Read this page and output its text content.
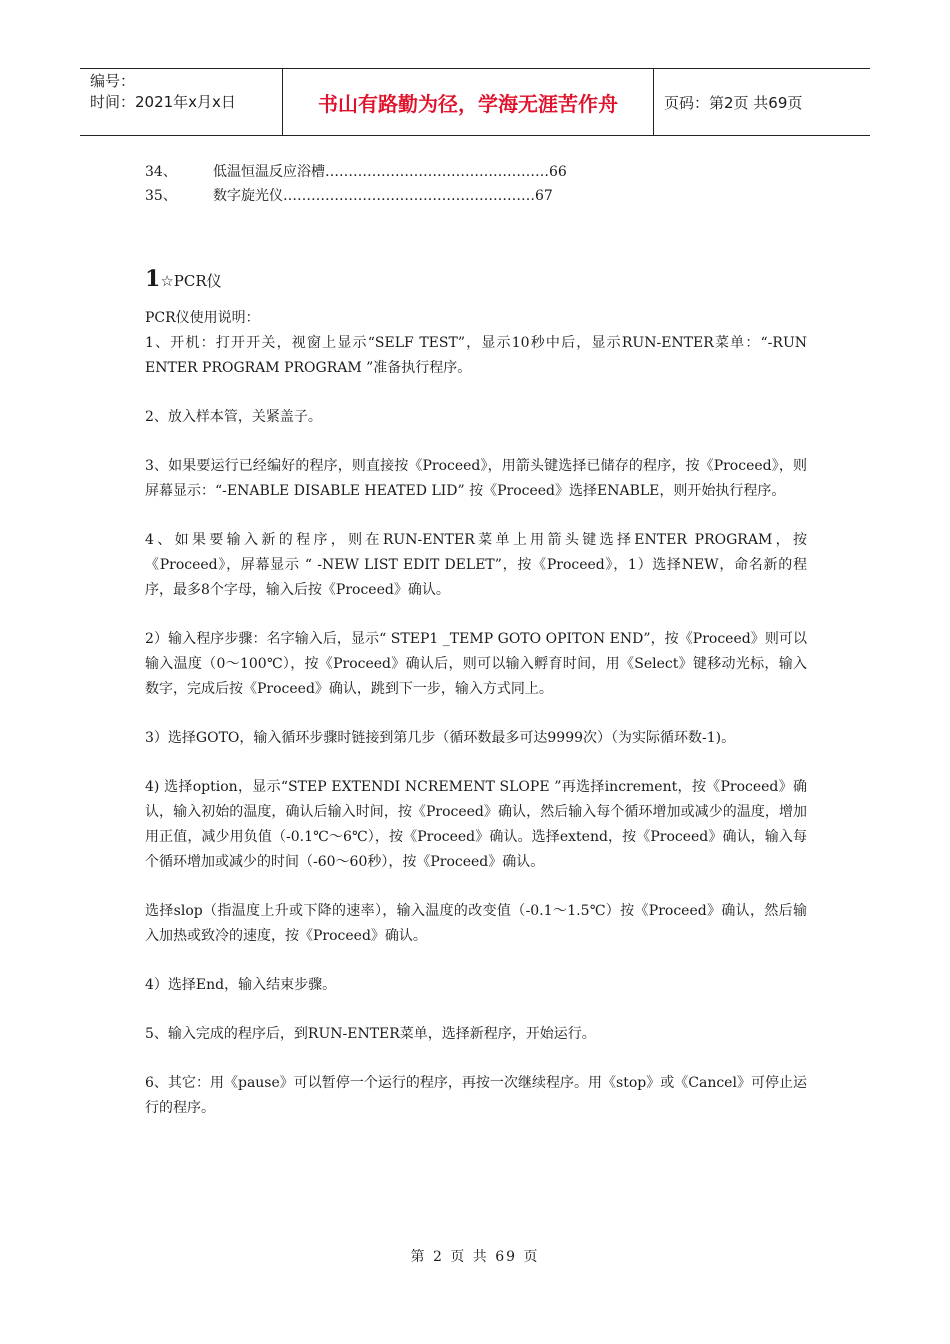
编号：
时间：2021年x月x日	书山有路勤为径，学海无涯苦作舟	页码：第2页 共69页
34、	低温恒温反应浴槽…………………………………………66
35、	数字旋光仪………………………………………………67
1☆PCR仪

PCR仪使用说明：

1、开机：打开开关，视窗上显示“SELF TEST”，显示10秒中后，显示RUN-ENTER菜单：“-RUN ENTER PROGRAM PROGRAM ”准备执行程序。

2、放入样本管，关紧盖子。

3、如果要运行已经编好的程序，则直接按《Proceed》，用箭头键选择已储存的程序，按《Proceed》，则屏幕显示：“-ENABLE DISABLE HEATED LID” 按《Proceed》选择ENABLE，则开始执行程序。

4、如果要输入新的程序，则在RUN-ENTER菜单上用箭头键选择ENTER PROGRAM，按《Proceed》，屏幕显示 “ -NEW LIST EDIT DELET”，按《Proceed》，1）选择NEW，命名新的程序，最多8个字母，输入后按《Proceed》确认。

2）输入程序步骤：名字输入后，显示“ STEP1 _TEMP GOTO OPITON END”，按《Proceed》则可以输入温度（0～100℃），按《Proceed》确认后，则可以输入孵育时间，用《Select》键移动光标，输入数字，完成后按《Proceed》确认，跳到下一步，输入方式同上。

3）选择GOTO，输入循环步骤时链接到第几步（循环数最多可达9999次）（为实际循环数-1)。

4) 选择option，显示“STEP EXTENDI NCREMENT SLOPE ”再选择increment，按《Proceed》确认，输入初始的温度，确认后输入时间，按《Proceed》确认，然后输入每个循环增加或减少的温度，增加用正值，减少用负值（-0.1℃～6℃），按《Proceed》确认。选择extend，按《Proceed》确认，输入每个循环增加或减少的时间（-60～60秒），按《Proceed》确认。

选择slop（指温度上升或下降的速率），输入温度的改变值（-0.1～1.5℃）按《Proceed》确认，然后输入加热或致冷的速度，按《Proceed》确认。

4）选择End，输入结束步骤。

5、输入完成的程序后，到RUN-ENTER菜单，选择新程序，开始运行。

6、其它：用《pause》可以暂停一个运行的程序，再按一次继续程序。用《stop》或《Cancel》可停止运行的程序。

第 2 页 共 69 页
